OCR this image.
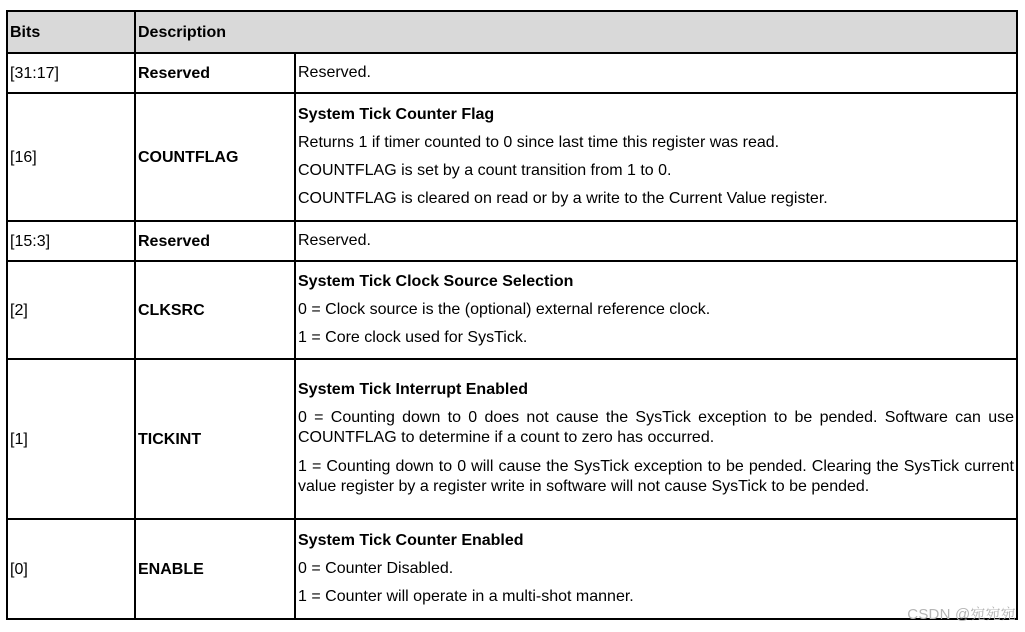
Bits	Description	
[31:17]	Reserved	Reserved.

[16]	COUNTFLAG	System Tick Counter Flag
Returns 1 if timer counted to 0 since last time this register was read.
COUNTFLAG is set by a count transition from 1 to 0.
COUNTFLAG is cleared on read or by a write to the Current Value register.

[15:3]	Reserved	Reserved.

[2]	CLKSRC	System Tick Clock Source Selection
0 = Clock source is the (optional) external reference clock.
1 = Core clock used for SysTick.

[1]	TICKINT	System Tick Interrupt Enabled
0 = Counting down to 0 does not cause the SysTick exception to be pended. Software can use COUNTFLAG to determine if a count to zero has occurred.
1 = Counting down to 0 will cause the SysTick exception to be pended. Clearing the SysTick current value register by a register write in software will not cause SysTick to be pended.

[0]	ENABLE	System Tick Counter Enabled
0 = Counter Disabled.
1 = Counter will operate in a multi-shot manner.
CSDN @宛宛宛
